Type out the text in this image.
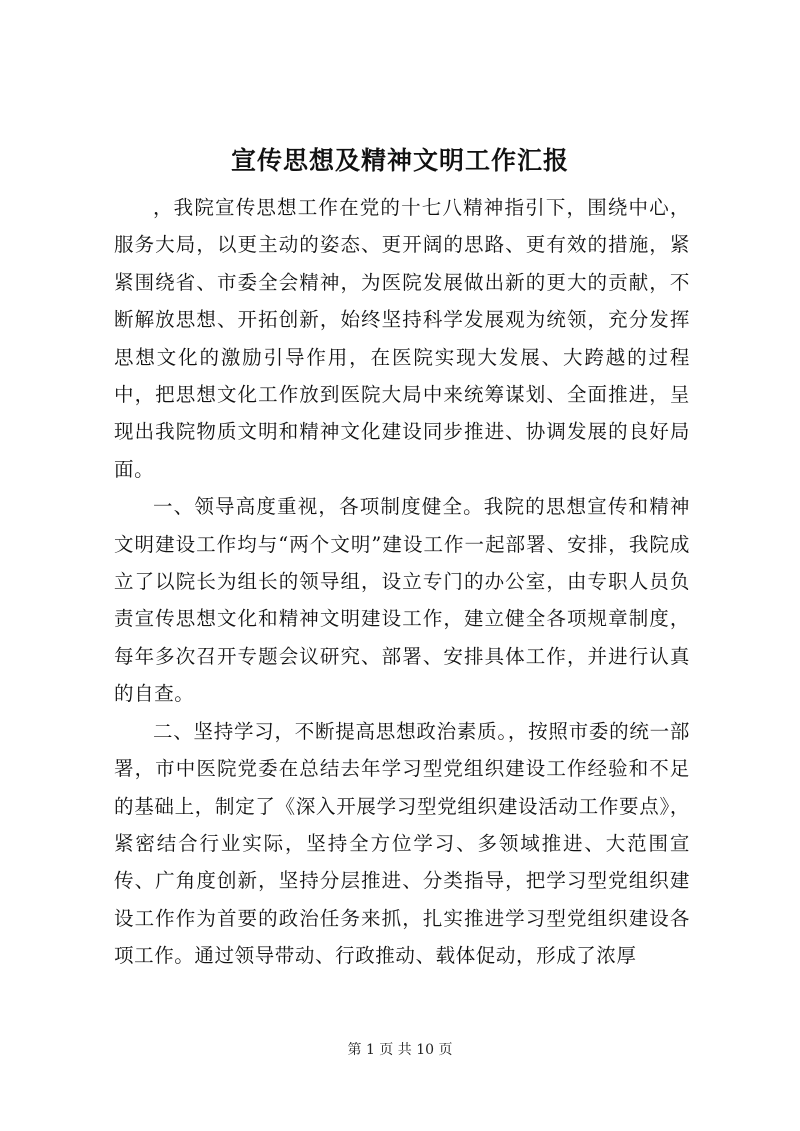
宣传思想及精神文明工作汇报

，我院宣传思想工作在党的十七八精神指引下，围绕中心，服务大局，以更主动的姿态、更开阔的思路、更有效的措施，紧紧围绕省、市委全会精神，为医院发展做出新的更大的贡献，不断解放思想、开拓创新，始终坚持科学发展观为统领，充分发挥思想文化的激励引导作用，在医院实现大发展、大跨越的过程中，把思想文化工作放到医院大局中来统筹谋划、全面推进，呈现出我院物质文明和精神文化建设同步推进、协调发展的良好局面。

一、领导高度重视，各项制度健全。我院的思想宣传和精神文明建设工作均与“两个文明”建设工作一起部署、安排，我院成立了以院长为组长的领导组，设立专门的办公室，由专职人员负责宣传思想文化和精神文明建设工作，建立健全各项规章制度，每年多次召开专题会议研究、部署、安排具体工作，并进行认真的自查。

二、坚持学习，不断提高思想政治素质。，按照市委的统一部署，市中医院党委在总结去年学习型党组织建设工作经验和不足的基础上，制定了《深入开展学习型党组织建设活动工作要点》，紧密结合行业实际，坚持全方位学习、多领域推进、大范围宣传、广角度创新，坚持分层推进、分类指导，把学习型党组织建设工作作为首要的政治任务来抓，扎实推进学习型党组织建设各项工作。通过领导带动、行政推动、载体促动，形成了浓厚

第 1 页 共 10 页
